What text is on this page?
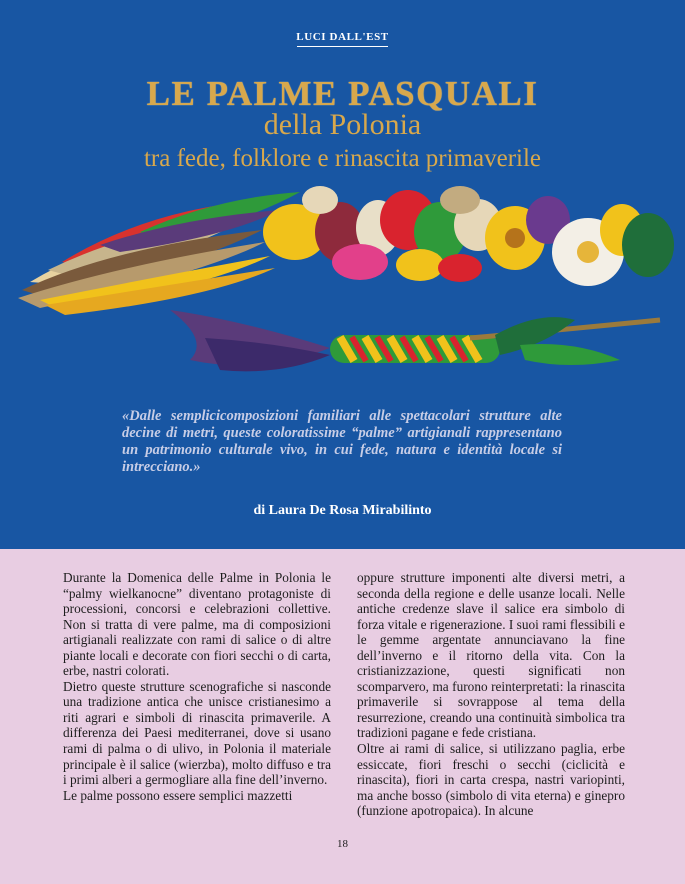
LUCI DALL'EST
LE PALME PASQUALI
della Polonia
tra fede, folklore e rinascita primaverile
«Dalle semplicicomposizioni familiari alle spettacolari strutture alte decine di metri, queste coloratissime “palme” artigianali rappresentano un patrimonio culturale vivo, in cui fede, natura e identità locale si intrecciano.»
di Laura De Rosa Mirabilinto

Durante la Domenica delle Palme in Polonia le “palmy wielkanocne” diventano protagoniste di processioni, concorsi e celebrazioni collettive. Non si tratta di vere palme, ma di composizioni artigianali realizzate con rami di salice o di altre piante locali e decorate con fiori secchi o di carta, erbe, nastri colorati.

Dietro queste strutture scenografiche si nasconde una tradizione antica che unisce cristianesimo a riti agrari e simboli di rinascita primaverile. A differenza dei Paesi mediterranei, dove si usano rami di palma o di ulivo, in Polonia il materiale principale è il salice (wierzba), molto diffuso e tra i primi alberi a germogliare alla fine dell’inverno.

Le palme possono essere semplici mazzetti

oppure strutture imponenti alte diversi metri, a seconda della regione e delle usanze locali. Nelle antiche credenze slave il salice era simbolo di forza vitale e rigenerazione. I suoi rami flessibili e le gemme argentate annunciavano la fine dell’inverno e il ritorno della vita. Con la cristianizzazione, questi significati non scomparvero, ma furono reinterpretati: la rinascita primaverile si sovrappose al tema della resurrezione, creando una continuità simbolica tra tradizioni pagane e fede cristiana.

Oltre ai rami di salice, si utilizzano paglia, erbe essiccate, fiori freschi o secchi (ciclicità e rinascita), fiori in carta crespa, nastri variopinti, ma anche bosso (simbolo di vita eterna) e ginepro (funzione apotropaica). In alcune

18
